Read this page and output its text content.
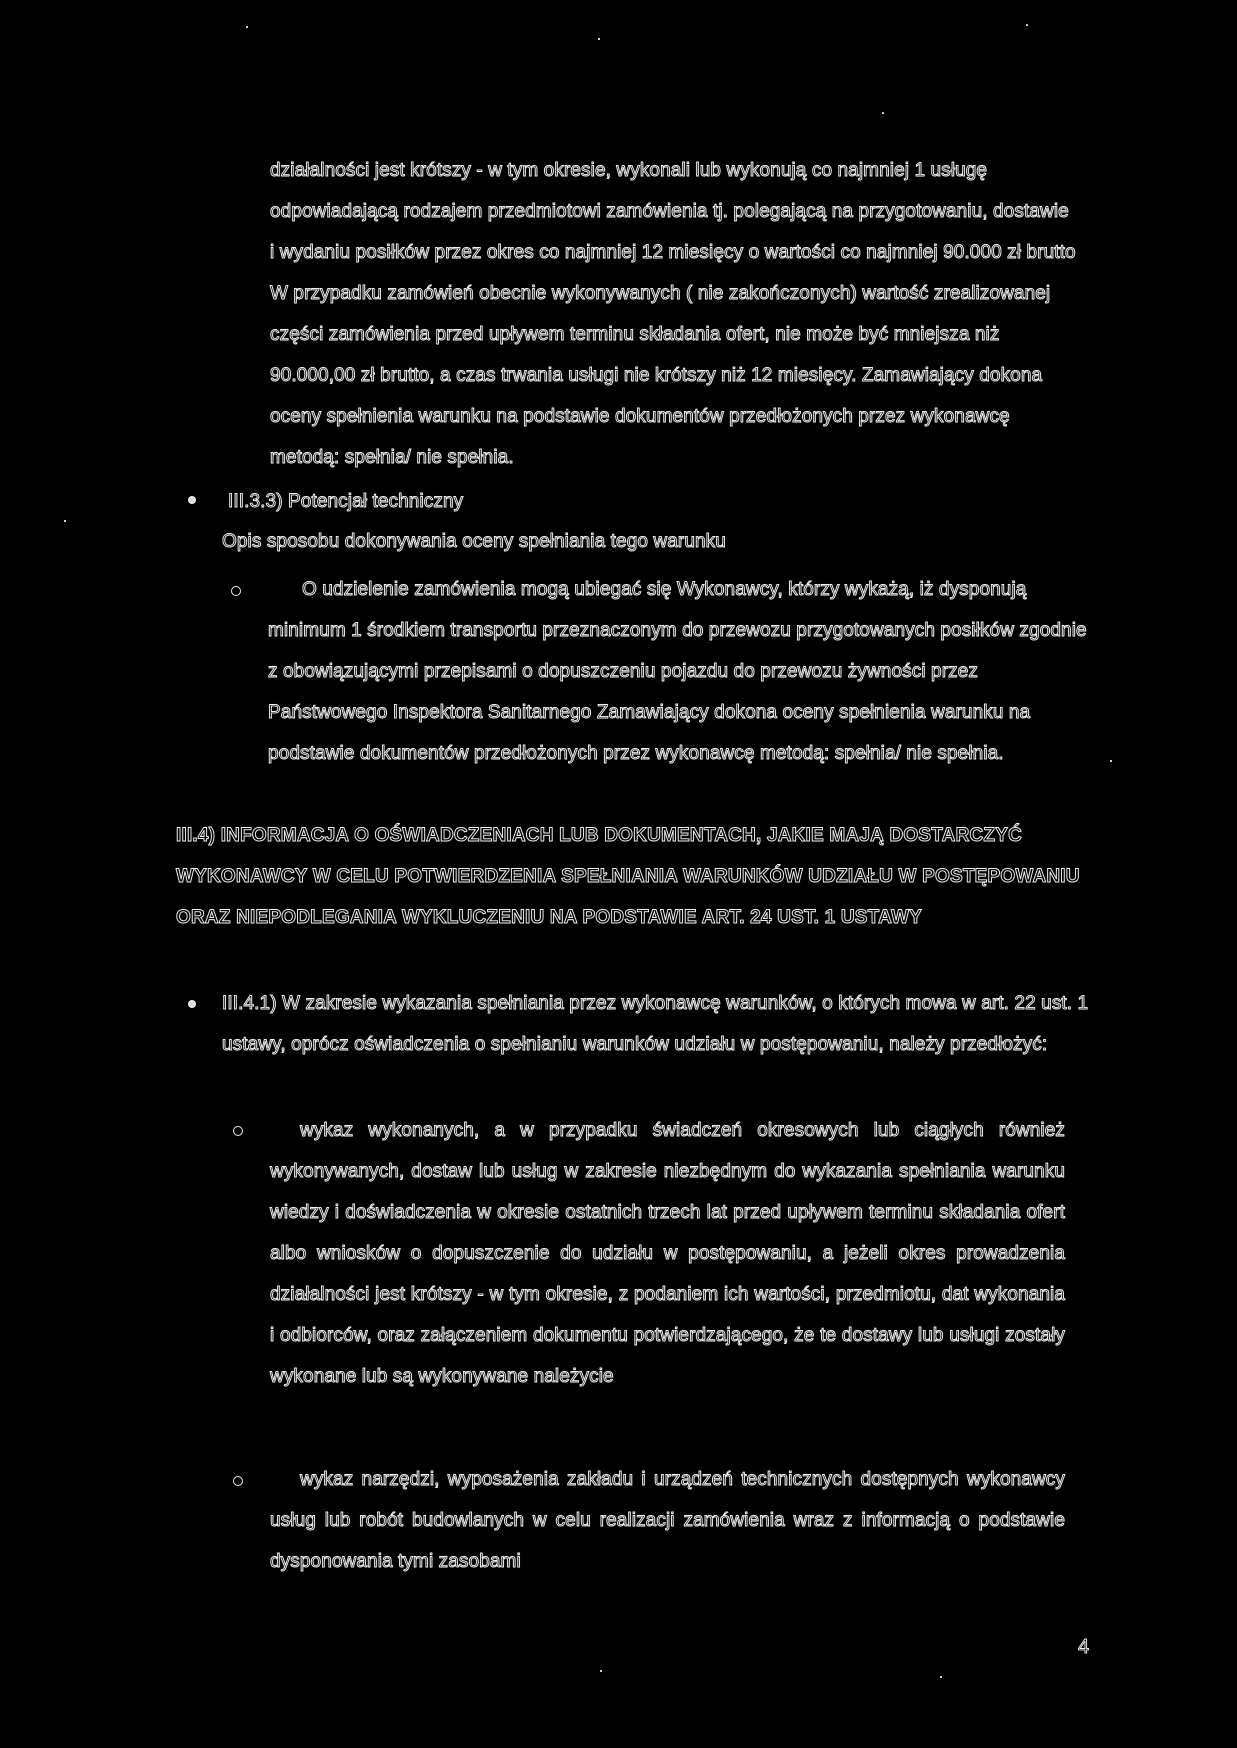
działalności jest krótszy - w tym okresie, wykonali lub wykonują co najmniej 1 usługę odpowiadającą rodzajem przedmiotowi zamówienia tj. polegającą na przygotowaniu, dostawie i wydaniu posiłków przez okres co najmniej 12 miesięcy o wartości co najmniej 90.000 zł brutto W przypadku zamówień obecnie wykonywanych ( nie zakończonych) wartość zrealizowanej części zamówienia przed upływem terminu składania ofert, nie może być mniejsza niż 90.000,00 zł brutto, a czas trwania usługi nie krótszy niż 12 miesięcy. Zamawiający dokona oceny spełnienia warunku na podstawie dokumentów przedłożonych przez wykonawcę metodą: spełnia/ nie spełnia.

III.3.3) Potencjał techniczny

Opis sposobu dokonywania oceny spełniania tego warunku

O udzielenie zamówienia mogą ubiegać się Wykonawcy, którzy wykażą, iż dysponują minimum 1 środkiem transportu przeznaczonym do przewozu przygotowanych posiłków zgodnie z obowiązującymi przepisami o dopuszczeniu pojazdu do przewozu żywności przez Państwowego Inspektora Sanitarnego Zamawiający dokona oceny spełnienia warunku na podstawie dokumentów przedłożonych przez wykonawcę metodą: spełnia/ nie spełnia.

III.4) INFORMACJA O OŚWIADCZENIACH LUB DOKUMENTACH, JAKIE MAJĄ DOSTARCZYĆ WYKONAWCY W CELU POTWIERDZENIA SPEŁNIANIA WARUNKÓW UDZIAŁU W POSTĘPOWANIU ORAZ NIEPODLEGANIA WYKLUCZENIU NA PODSTAWIE ART. 24 UST. 1 USTAWY

III.4.1) W zakresie wykazania spełniania przez wykonawcę warunków, o których mowa w art. 22 ust. 1 ustawy, oprócz oświadczenia o spełnianiu warunków udziału w postępowaniu, należy przedłożyć:

wykaz wykonanych, a w przypadku świadczeń okresowych lub ciągłych również wykonywanych, dostaw lub usług w zakresie niezbędnym do wykazania spełniania warunku wiedzy i doświadczenia w okresie ostatnich trzech lat przed upływem terminu składania ofert albo wniosków o dopuszczenie do udziału w postępowaniu, a jeżeli okres prowadzenia działalności jest krótszy - w tym okresie, z podaniem ich wartości, przedmiotu, dat wykonania i odbiorców, oraz załączeniem dokumentu potwierdzającego, że te dostawy lub usługi zostały wykonane lub są wykonywane należycie

wykaz narzędzi, wyposażenia zakładu i urządzeń technicznych dostępnych wykonawcy usług lub robót budowlanych w celu realizacji zamówienia wraz z informacją o podstawie dysponowania tymi zasobami

4
